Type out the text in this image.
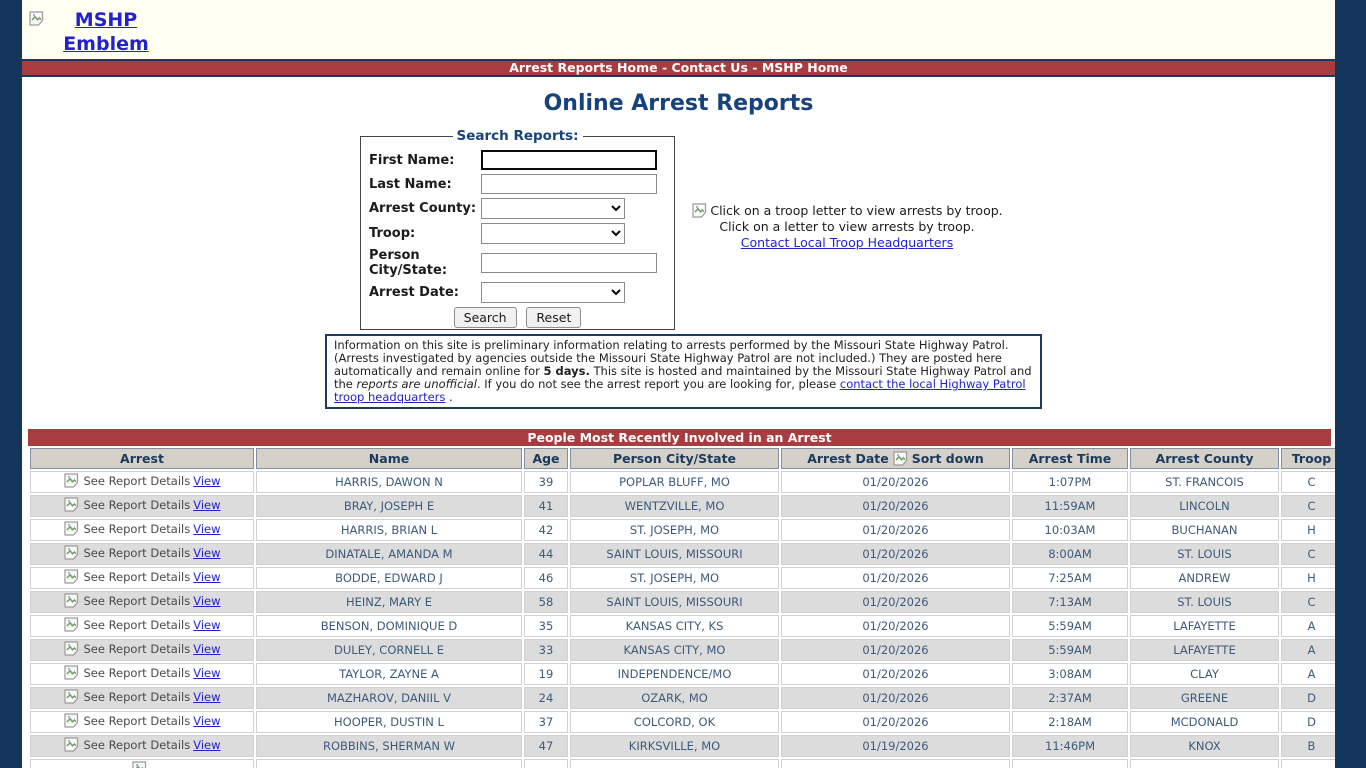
MSHP Emblem
Arrest Reports Home - Contact Us - MSHP Home
Online Arrest Reports
Search Reports:
First Name:	
Last Name:	
Arrest County:	

Troop:	

Person City/State:	
Arrest Date:	

Search Reset	
Click on a troop letter to view arrests by troop.
Click on a letter to view arrests by troop.
Contact Local Troop Headquarters
Information on this site is preliminary information relating to arrests performed by the Missouri State Highway Patrol. (Arrests investigated by agencies outside the Missouri State Highway Patrol are not included.) They are posted here automatically and remain online for 5 days. This site is hosted and maintained by the Missouri State Highway Patrol and the reports are unofficial. If you do not see the arrest report you are looking for, please contact the local Highway Patrol troop headquarters .
People Most Recently Involved in an Arrest
Arrest	Name	Age	Person City/State	Arrest Date Sort down	Arrest Time	Arrest County	Troop

See Report Details View	HARRIS, DAWON N	39	POPLAR BLUFF, MO	01/20/2026	1:07PM	ST. FRANCOIS	C

See Report Details View	BRAY, JOSEPH E	41	WENTZVILLE, MO	01/20/2026	11:59AM	LINCOLN	C

See Report Details View	HARRIS, BRIAN L	42	ST. JOSEPH, MO	01/20/2026	10:03AM	BUCHANAN	H

See Report Details View	DINATALE, AMANDA M	44	SAINT LOUIS, MISSOURI	01/20/2026	8:00AM	ST. LOUIS	C

See Report Details View	BODDE, EDWARD J	46	ST. JOSEPH, MO	01/20/2026	7:25AM	ANDREW	H

See Report Details View	HEINZ, MARY E	58	SAINT LOUIS, MISSOURI	01/20/2026	7:13AM	ST. LOUIS	C

See Report Details View	BENSON, DOMINIQUE D	35	KANSAS CITY, KS	01/20/2026	5:59AM	LAFAYETTE	A

See Report Details View	DULEY, CORNELL E	33	KANSAS CITY, MO	01/20/2026	5:59AM	LAFAYETTE	A

See Report Details View	TAYLOR, ZAYNE A	19	INDEPENDENCE/MO	01/20/2026	3:08AM	CLAY	A

See Report Details View	MAZHAROV, DANIIL V	24	OZARK, MO	01/20/2026	2:37AM	GREENE	D

See Report Details View	HOOPER, DUSTIN L	37	COLCORD, OK	01/20/2026	2:18AM	MCDONALD	D

See Report Details View	ROBBINS, SHERMAN W	47	KIRKSVILLE, MO	01/19/2026	11:46PM	KNOX	B
